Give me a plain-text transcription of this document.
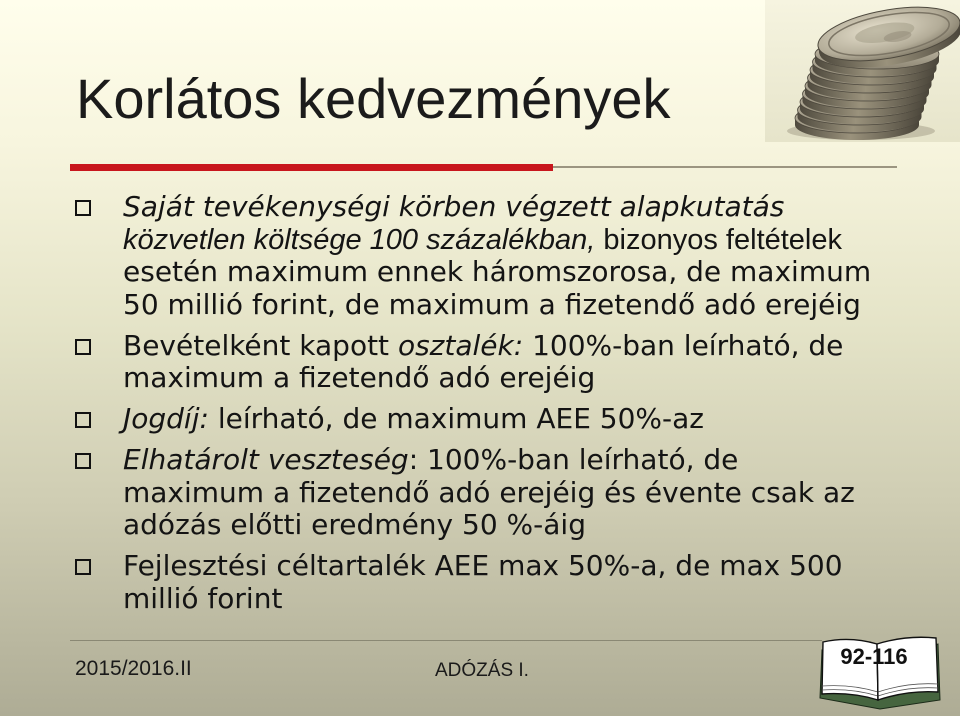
Korlátos kedvezmények
Saját tevékenységi körben végzett alapkutatás
közvetlen költsége 100 százalékban, bizonyos feltételek
esetén maximum ennek háromszorosa, de maximum
50 millió forint, de maximum a fizetendő adó erejéig
Bevételként kapott osztalék: 100%-ban leírható, de
maximum a fizetendő adó erejéig
Jogdíj: leírható, de maximum AEE 50%-az
Elhatárolt veszteség: 100%-ban leírható, de
maximum a fizetendő adó erejéig és évente csak az
adózás előtti eredmény 50 %-áig
Fejlesztési céltartalék AEE max 50%-a, de max 500
millió forint
2015/2016.II	ADÓZÁS I.
92-116
